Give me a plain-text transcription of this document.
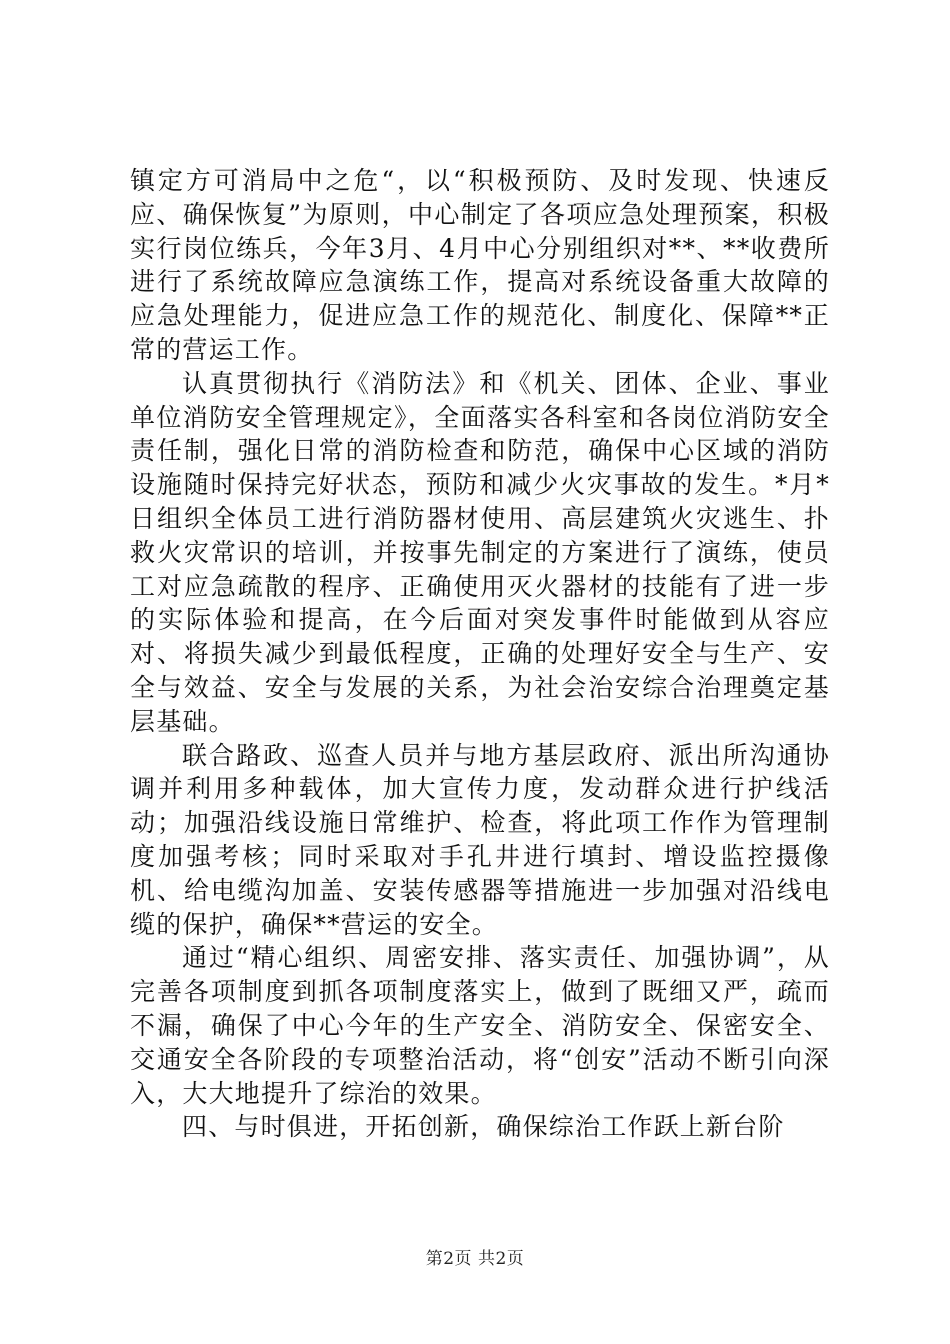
镇定方可消局中之危“，以“积极预防、及时发现、快速反应、确保恢复”为原则，中心制定了各项应急处理预案，积极实行岗位练兵，今年3月、4月中心分别组织对**、**收费所进行了系统故障应急演练工作，提高对系统设备重大故障的应急处理能力，促进应急工作的规范化、制度化、保障**正常的营运工作。

认真贯彻执行《消防法》和《机关、团体、企业、事业单位消防安全管理规定》，全面落实各科室和各岗位消防安全责任制，强化日常的消防检查和防范，确保中心区域的消防设施随时保持完好状态，预防和减少火灾事故的发生。*月*日组织全体员工进行消防器材使用、高层建筑火灾逃生、扑救火灾常识的培训，并按事先制定的方案进行了演练，使员工对应急疏散的程序、正确使用灭火器材的技能有了进一步的实际体验和提高，在今后面对突发事件时能做到从容应对、将损失减少到最低程度，正确的处理好安全与生产、安全与效益、安全与发展的关系，为社会治安综合治理奠定基层基础。

联合路政、巡查人员并与地方基层政府、派出所沟通协调并利用多种载体，加大宣传力度，发动群众进行护线活动；加强沿线设施日常维护、检查，将此项工作作为管理制度加强考核；同时采取对手孔井进行填封、增设监控摄像机、给电缆沟加盖、安装传感器等措施进一步加强对沿线电缆的保护，确保**营运的安全。

通过“精心组织、周密安排、落实责任、加强协调”，从完善各项制度到抓各项制度落实上，做到了既细又严，疏而不漏，确保了中心今年的生产安全、消防安全、保密安全、交通安全各阶段的专项整治活动，将“创安”活动不断引向深入，大大地提升了综治的效果。

四、与时俱进，开拓创新，确保综治工作跃上新台阶

第2页 共2页
